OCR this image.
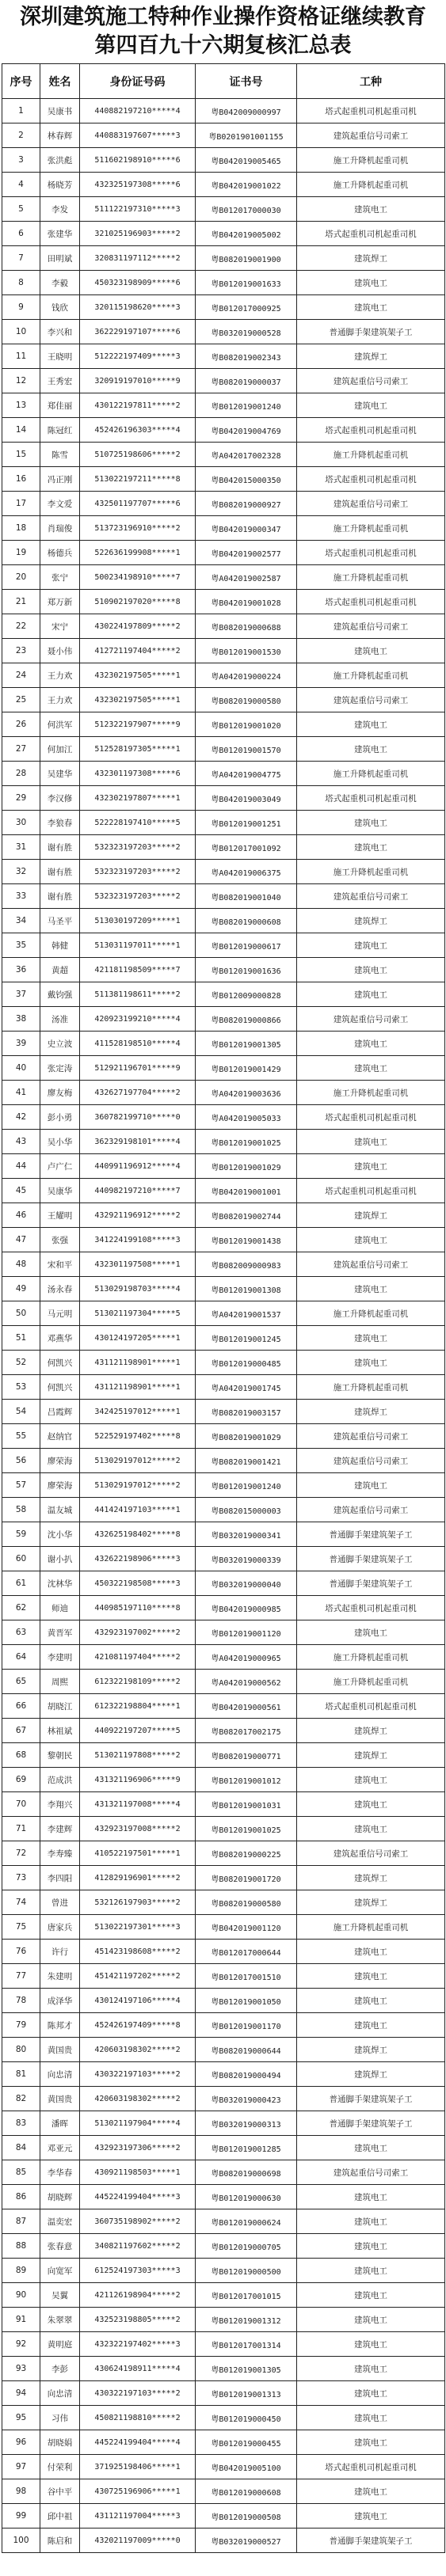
深圳建筑施工特种作业操作资格证继续教育
第四百九十六期复核汇总表
序号	姓名	身份证号码	证书号	工种
1	吴康书	440882197210*****4	粤B042009000997	塔式起重机司机起重司机
2	林春辉	440883197607*****3	粤B0201901001155	建筑起重信号司索工
3	张洪彪	511602198910*****6	粤B042019005465	施工升降机起重司机
4	杨晓芳	432325197308*****6	粤B042019001022	施工升降机起重司机
5	李发	511122197310*****3	粤B012017000030	建筑电工
6	张建华	321025196903*****2	粤B042019005002	塔式起重机司机起重司机
7	田明斌	320831197112*****2	粤B082019001900	建筑焊工
8	李毅	450323198909*****6	粤B012019001633	建筑电工
9	钱欣	320115198620*****3	粤B012017000925	建筑电工
10	李兴和	362229197107*****6	粤B032019000528	普通脚手架建筑架子工
11	王晓明	512222197409*****3	粤B082019002343	建筑焊工
12	王秀宏	320919197010*****9	粤B082019000037	建筑起重信号司索工
13	郑佳丽	430122197811*****2	粤B012019001240	建筑电工
14	陈冠红	452426196303*****4	粤B042019004769	塔式起重机司机起重司机
15	陈雪	510725198606*****2	粤A042017002328	施工升降机起重司机
16	冯正刚	513022197211*****8	粤B042015000350	塔式起重机司机起重司机
17	李文爱	432501197707*****6	粤B082019000927	建筑起重信号司索工
18	肖瑞俊	513723196910*****2	粤B042019000347	施工升降机起重司机
19	杨德兵	522636199908*****1	粤B042019002577	塔式起重机司机起重司机
20	张宁	500234198910*****7	粤A042019002587	施工升降机起重司机
21	郑万新	510902197020*****8	粤B042019001028	塔式起重机司机起重司机
22	宋宁	430224197809*****2	粤B082019000688	建筑起重信号司索工
23	聂小伟	412721197404*****2	粤B012019001530	建筑电工
24	王力欢	432302197505*****1	粤A042019000224	施工升降机起重司机
25	王力欢	432302197505*****1	粤B082019000580	建筑起重信号司索工
26	何洪军	512322197907*****9	粤B012019001020	建筑电工
27	何加江	512528197305*****1	粤B012019001570	建筑电工
28	吴建华	432301197308*****6	粤A042019004775	施工升降机起重司机
29	李汉修	432302197807*****1	粤B042019003049	塔式起重机司机起重司机
30	李狼春	522228197410*****5	粤B012019001251	建筑电工
31	谢有胜	532323197203*****2	粤B012017001092	建筑电工
32	谢有胜	532323197203*****2	粤A042019006375	施工升降机起重司机
33	谢有胜	532323197203*****2	粤B082019001040	建筑起重信号司索工
34	马圣平	513030197209*****1	粤B082019000608	建筑焊工
35	韩健	513031197011*****1	粤B012019000617	建筑电工
36	黄超	421181198509*****7	粤B012019001636	建筑电工
37	戴钧强	511381198611*****2	粤B012009000828	建筑电工
38	汤准	420923199210*****4	粤B082019000866	建筑起重信号司索工
39	史立波	411528198510*****4	粤B012019001305	建筑电工
40	张定涛	512921196701*****9	粤B012019001429	建筑电工
41	廖友梅	432627197704*****2	粤A042019003636	施工升降机起重司机
42	彭小勇	360782199710*****0	粤A042019005033	塔式起重机司机起重司机
43	吴小华	362329198101*****4	粤B012019001025	建筑电工
44	卢广仁	440991196912*****4	粤B012019001029	建筑电工
45	吴康华	440982197210*****7	粤B042019001001	塔式起重机司机起重司机
46	王耀明	432921196912*****2	粤B082019002744	建筑焊工
47	张强	341224199108*****3	粤B012019001438	建筑电工
48	宋和平	432301197508*****1	粤B082009000983	建筑起重信号司索工
49	汤永春	513029198703*****4	粤B012019001308	建筑电工
50	马元明	513021197304*****5	粤A042019001537	施工升降机起重司机
51	邓燕华	430124197205*****1	粤B012019001245	建筑电工
52	何凯兴	431121198901*****1	粤B012019000485	建筑电工
53	何凯兴	431121198901*****1	粤A042019001745	施工升降机起重司机
54	吕霞辉	342425197012*****1	粤B082019003157	建筑焊工
55	赵纳官	522529197402*****8	粤B082019001029	建筑起重信号司索工
56	廖荣海	513029197012*****2	粤B082019001421	建筑起重信号司索工
57	廖荣海	513029197012*****2	粤B012019001240	建筑电工
58	温友城	441424197103*****1	粤B082015000003	建筑起重信号司索工
59	沈小华	432625198402*****8	粤B032019000341	普通脚手架建筑架子工
60	谢小扒	432622198906*****3	粤B032019000339	普通脚手架建筑架子工
61	沈林华	450322198508*****3	粤B032019000040	普通脚手架建筑架子工
62	师迪	440985197110*****8	粤B042019000985	塔式起重机司机起重司机
63	黄晋军	432923197002*****2	粤B012019001120	建筑电工
64	李建明	421081197404*****2	粤A042019000965	施工升降机起重司机
65	周熙	612322198109*****2	粤A042019000562	施工升降机起重司机
66	胡晓江	612322198804*****1	粤B042019000561	塔式起重机司机起重司机
67	林祖斌	440922197207*****5	粤B082017002175	建筑焊工
68	黎朝民	513021197808*****2	粤B082019000771	建筑焊工
69	范成洪	431321196906*****9	粤B012019001012	建筑电工
70	李翔兴	431321197008*****4	粤B012019001031	建筑电工
71	李建辉	432923197008*****2	粤B012019001025	建筑电工
72	李寿臻	410522197501*****1	粤B082019000225	建筑起重信号司索工
73	李四阳	412829196901*****2	粤B082019001720	建筑焊工
74	曾进	532126197903*****2	粤B082019000580	建筑焊工
75	唐家兵	513022197301*****3	粤B042019001120	施工升降机起重司机
76	许行	451423198608*****2	粤B012017000644	建筑电工
77	朱建明	451421197202*****2	粤B012017001510	建筑电工
78	成泽华	430124197106*****4	粤B012019001050	建筑电工
79	陈邦才	452426197409*****8	粤B012019001170	建筑电工
80	黄国贵	420603198302*****2	粤B082019000644	建筑焊工
81	向忠清	430322197103*****2	粤B082019000494	建筑焊工
82	黄国贵	420603198302*****2	粤B032019000423	普通脚手架建筑架子工
83	潘晖	513021197904*****4	粤B032019000313	普通脚手架建筑架子工
84	邓亚元	432923197306*****2	粤B012019001285	建筑电工
85	李华春	430921198503*****1	粤B082019000698	建筑起重信号司索工
86	胡晓辉	445224199404*****3	粤B012019000630	建筑电工
87	温奕宏	360735198902*****2	粤B012019000624	建筑电工
88	张春意	340821197602*****2	粤B012019000705	建筑电工
89	向宽军	612524197303*****3	粤B012019000500	建筑电工
90	吴翼	421126198904*****2	粤B012017001015	建筑电工
91	朱翠翠	432523198805*****2	粤B012019001312	建筑电工
92	黄明庭	432322197402*****3	粤B012017001314	建筑电工
93	李彭	430624198911*****4	粤B012019001305	建筑电工
94	向忠清	430322197103*****2	粤B012019001313	建筑电工
95	习伟	450821198810*****2	粤B012019000450	建筑电工
96	胡晓娟	445224199404*****4	粤B012019000455	建筑电工
97	付荣利	371925198406*****1	粤B042019005100	塔式起重机司机起重司机
98	谷中平	430725196906*****1	粤B012019000608	建筑电工
99	邱中祖	431121197004*****3	粤B012019000508	建筑电工
100	陈启和	432021197009*****0	粤B032019000527	普通脚手架建筑架子工
